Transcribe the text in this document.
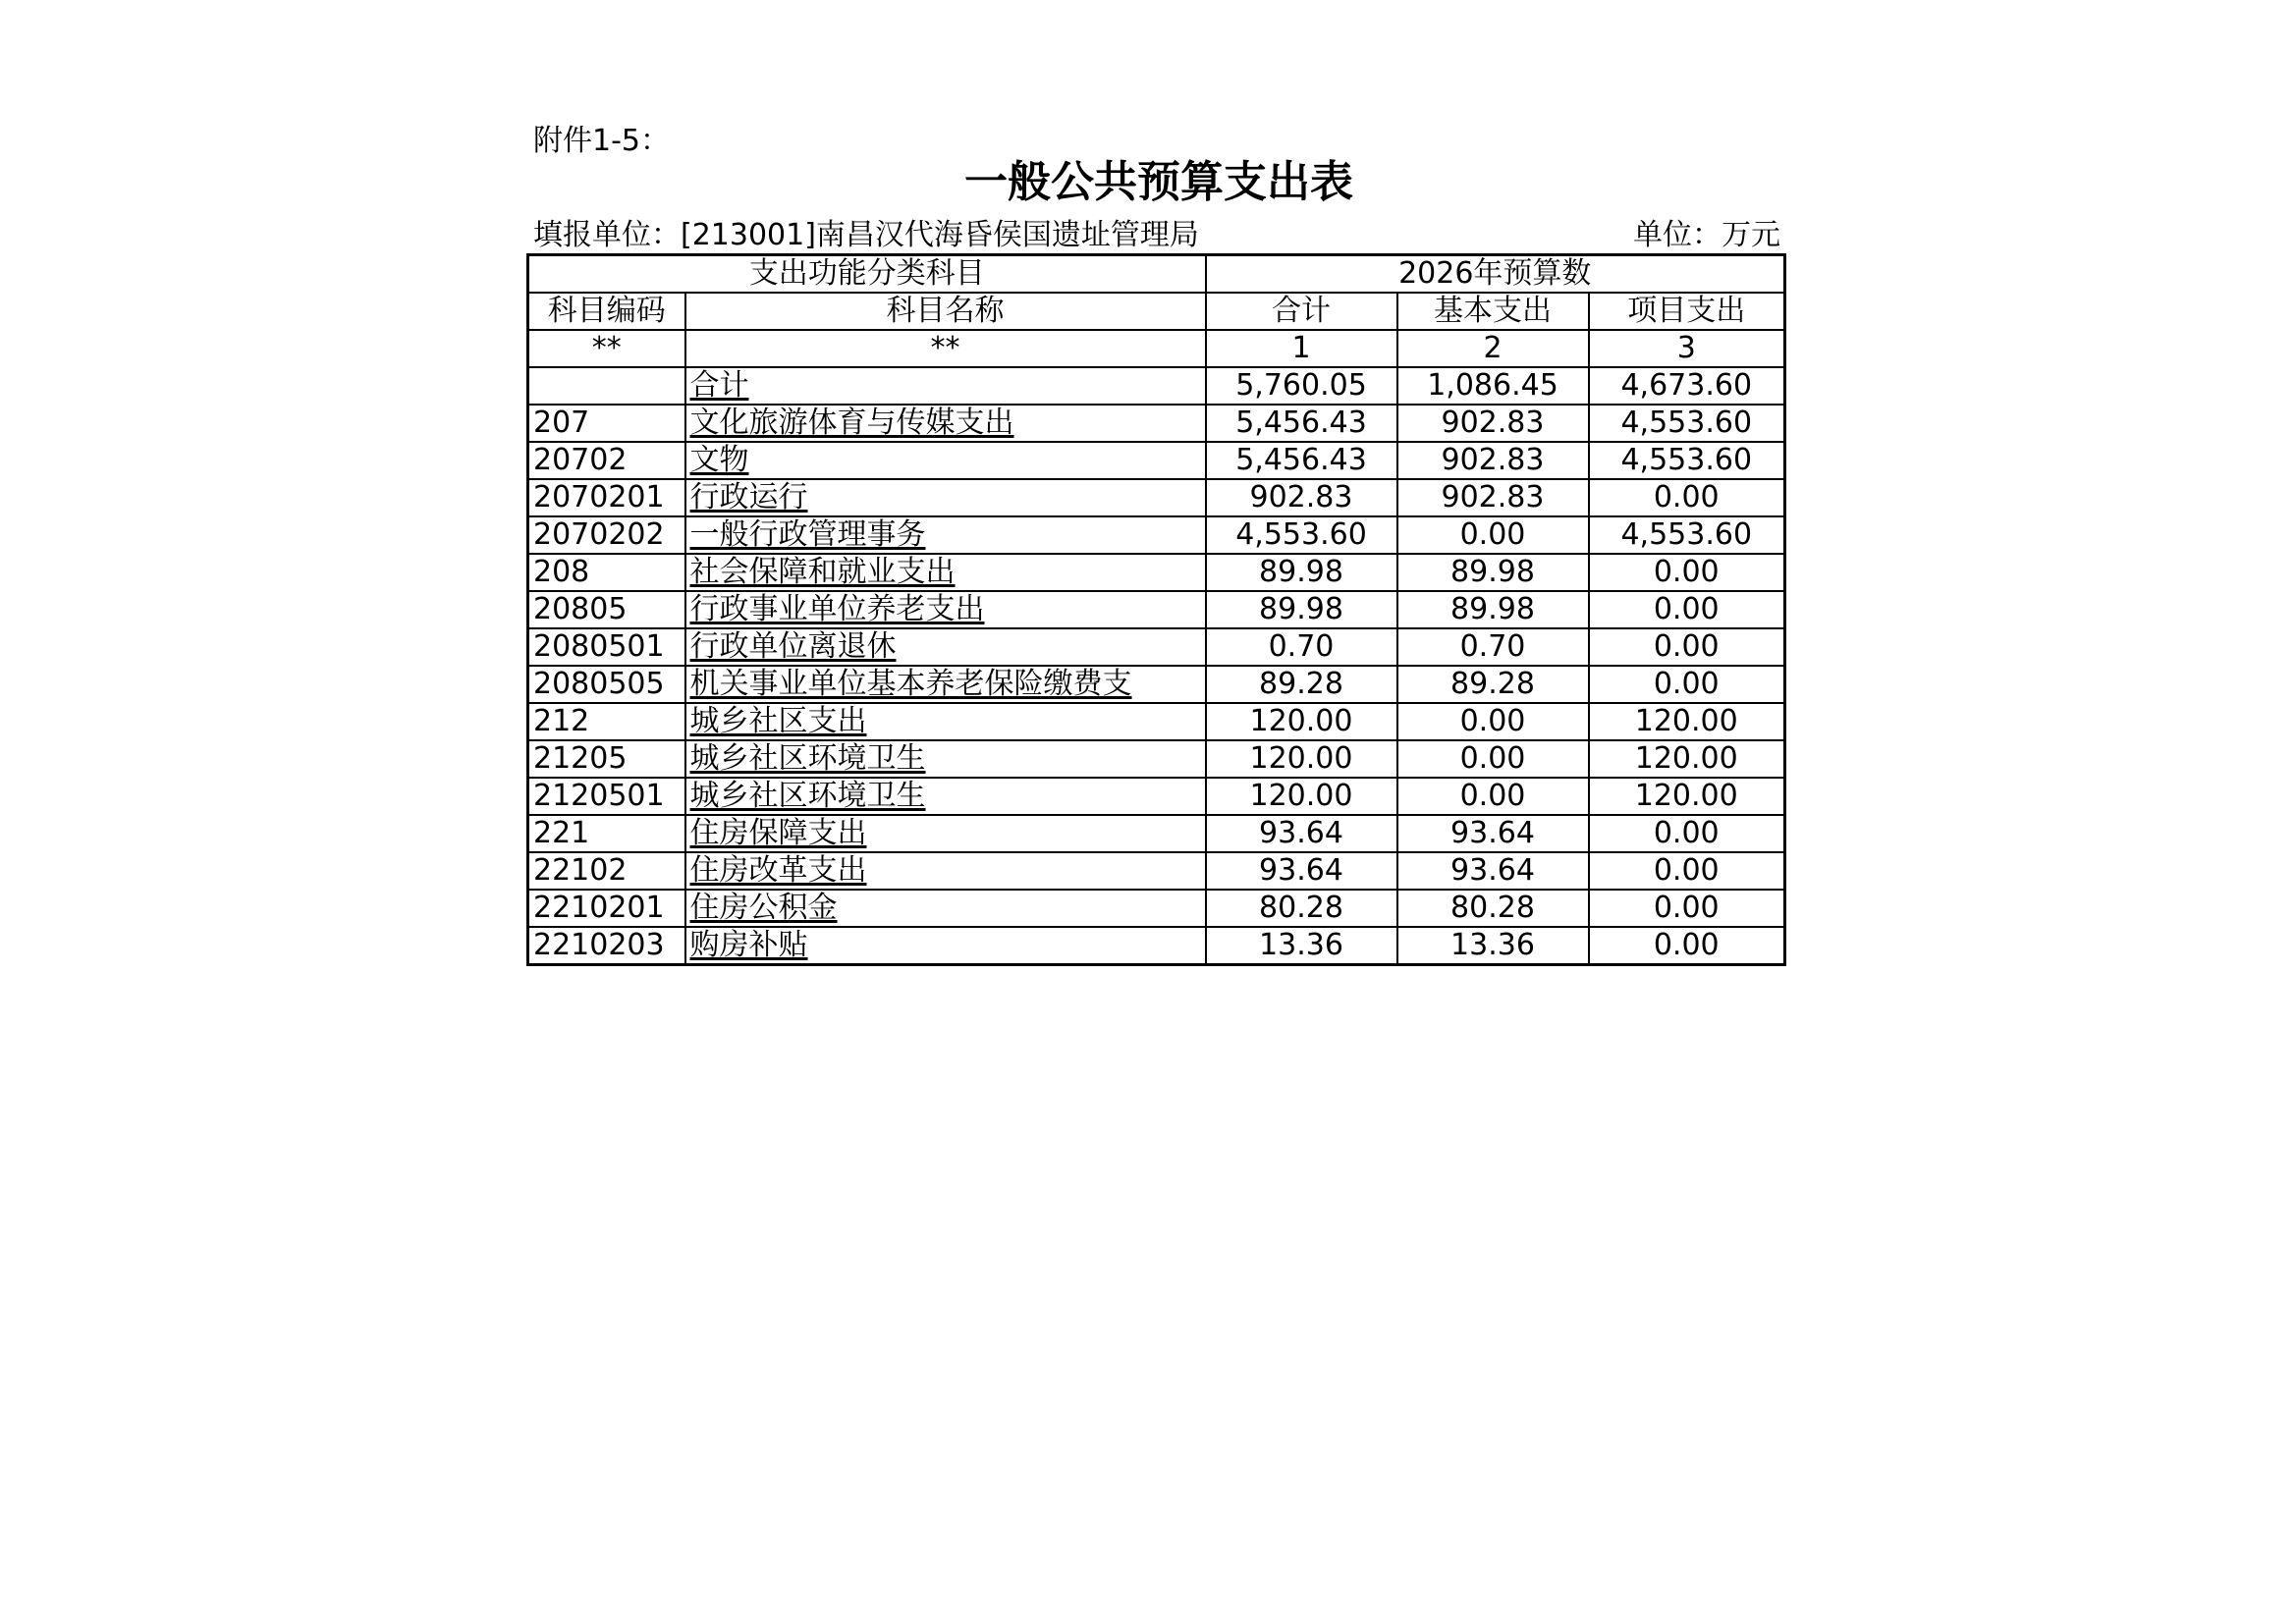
附件1-5：
一般公共预算支出表
填报单位：[213001]南昌汉代海昏侯国遗址管理局	单位：万元
支出功能分类科目		2026年预算数		
科目编码	科目名称	合计	基本支出	项目支出
**	**	1	2	3
	合计	5,760.05	1,086.45	4,673.60
207	文化旅游体育与传媒支出	5,456.43	902.83	4,553.60
20702	文物	5,456.43	902.83	4,553.60
2070201	行政运行	902.83	902.83	0.00
2070202	一般行政管理事务	4,553.60	0.00	4,553.60
208	社会保障和就业支出	89.98	89.98	0.00
20805	行政事业单位养老支出	89.98	89.98	0.00
2080501	行政单位离退休	0.70	0.70	0.00
2080505	机关事业单位基本养老保险缴费支	89.28	89.28	0.00
212	城乡社区支出	120.00	0.00	120.00
21205	城乡社区环境卫生	120.00	0.00	120.00
2120501	城乡社区环境卫生	120.00	0.00	120.00
221	住房保障支出	93.64	93.64	0.00
22102	住房改革支出	93.64	93.64	0.00
2210201	住房公积金	80.28	80.28	0.00
2210203	购房补贴	13.36	13.36	0.00
